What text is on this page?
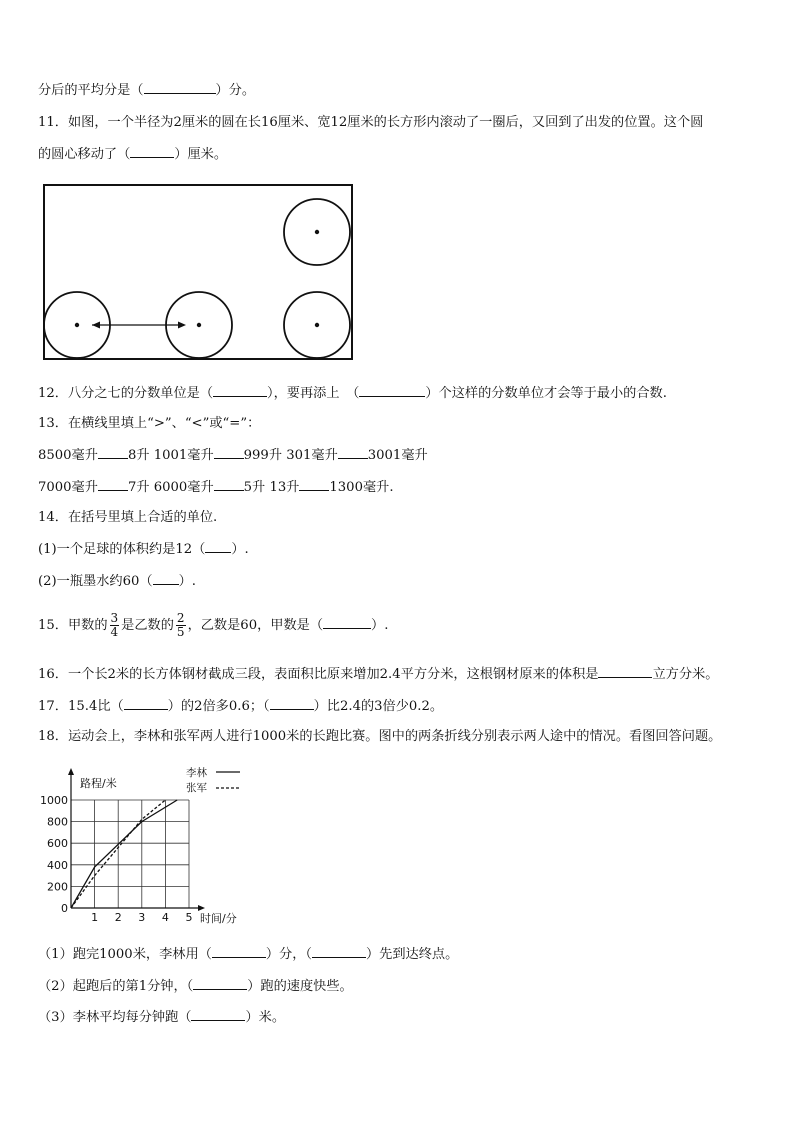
分后的平均分是（	）分。
11．如图，一个半径为2厘米的圆在长16厘米、宽12厘米的长方形内滚动了一圈后，又回到了出发的位置。这个圆
的圆心移动了（	）厘米。
12．八分之七的分数单位是（	），要再添上　（	）个这样的分数单位才会等于最小的合数.
13．在横线里填上“>”、“<”或“=”：
8500毫升 8升 1001毫升 999升 301毫升 3001毫升
7000毫升 7升 6000毫升 5升 13升 1300毫升.
14．在括号里填上合适的单位.
(1)一个足球的体积约是12（ ）.
(2)一瓶墨水约60（ ）.
15．甲数的 $\frac{3}{4}$ 是乙数的 $\frac{2}{5}$ ，乙数是60，甲数是（	）.
16．一个长2米的长方体钢材截成三段，表面积比原来增加2.4平方分米，这根钢材原来的体积是	立方分米。
17．15.4比（	）的2倍多0.6；（	）比2.4的3倍少0.2。
18．运动会上，李林和张军两人进行1000米的长跑比赛。图中的两条折线分别表示两人途中的情况。看图回答问题。
0
200
400
600
800
1000
1 2 3 4 5
路程/米
时间/分
李林
张军
（1）跑完1000米，李林用（	）分，（	）先到达终点。
（2）起跑后的第1分钟，（	）跑的速度快些。
（3）李林平均每分钟跑（	）米。
